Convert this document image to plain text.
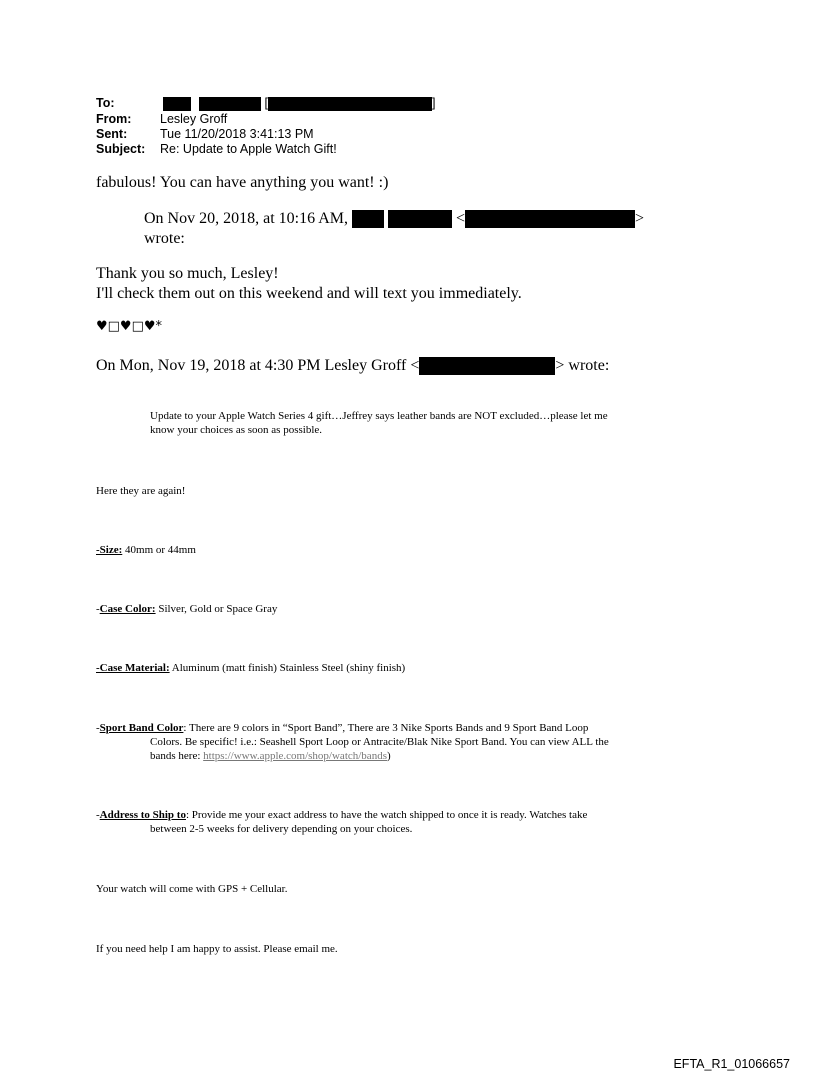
To:	[	]
From: Lesley Groff
Sent:	Tue 11/20/2018 3:41:13 PM
Subject: Re: Update to Apple Watch Gift!
fabulous! You can have anything you want! :)
On Nov 20, 2018, at 10:16 AM,	<	>
wrote:
Thank you so much, Lesley!
I'll check them out on this weekend and will text you immediately.
♥□♥□♥*
On Mon, Nov 19, 2018 at 4:30 PM Lesley Groff <	> wrote:
Update to your Apple Watch Series 4 gift…Jeffrey says leather bands are NOT excluded…please let me
know your choices as soon as possible.
Here they are again!
-Size: 40mm or 44mm
-Case Color: Silver, Gold or Space Gray
-Case Material: Aluminum (matt finish) Stainless Steel (shiny finish)
-Sport Band Color: There are 9 colors in “Sport Band”, There are 3 Nike Sports Bands and 9 Sport Band Loop
Colors. Be specific! i.e.: Seashell Sport Loop or Antracite/Blak Nike Sport Band. You can view ALL the
bands here: https://www.apple.com/shop/watch/bands)
-Address to Ship to: Provide me your exact address to have the watch shipped to once it is ready. Watches take
between 2-5 weeks for delivery depending on your choices.
Your watch will come with GPS + Cellular.
If you need help I am happy to assist. Please email me.
EFTA_R1_01066657
